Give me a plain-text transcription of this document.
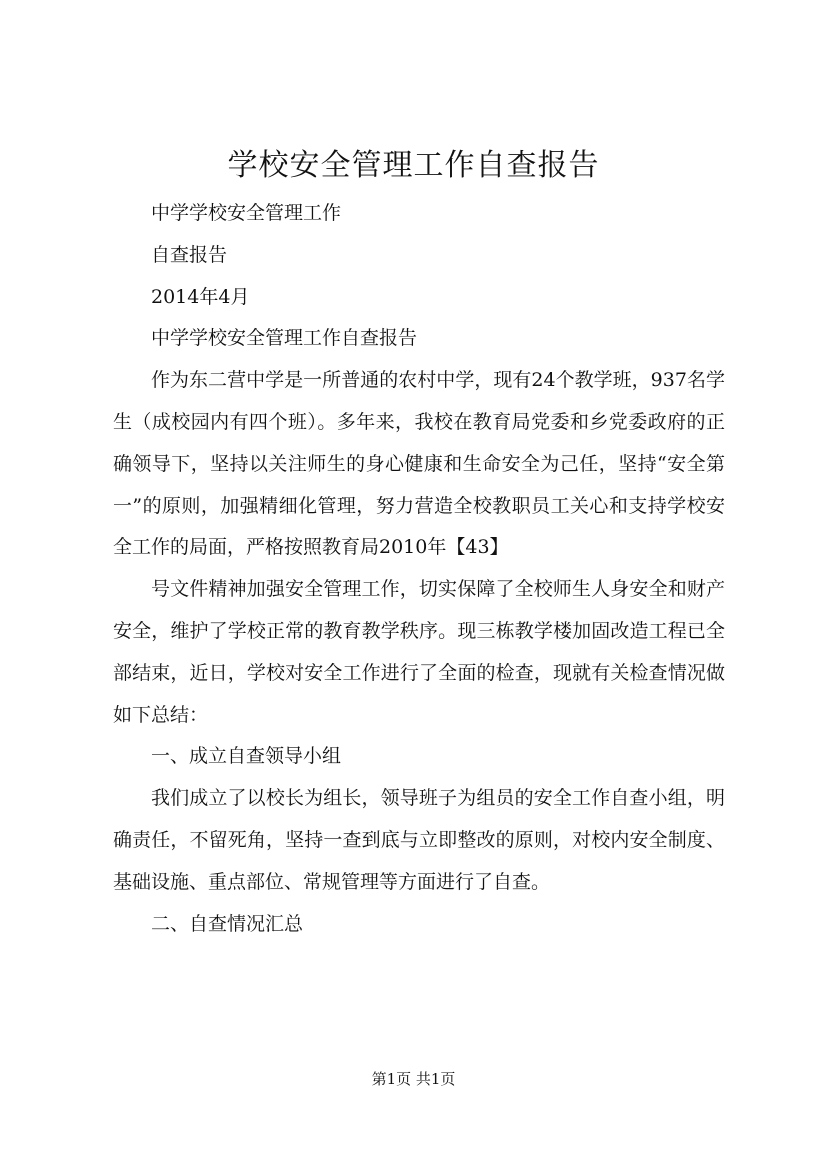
学校安全管理工作自查报告

中学学校安全管理工作

自查报告

2014年4月

中学学校安全管理工作自查报告

作为东二营中学是一所普通的农村中学，现有24个教学班，937名学生（成校园内有四个班）。多年来，我校在教育局党委和乡党委政府的正确领导下，坚持以关注师生的身心健康和生命安全为己任，坚持“安全第一”的原则，加强精细化管理，努力营造全校教职员工关心和支持学校安全工作的局面，严格按照教育局2010年【43】

号文件精神加强安全管理工作，切实保障了全校师生人身安全和财产安全，维护了学校正常的教育教学秩序。现三栋教学楼加固改造工程已全部结束，近日，学校对安全工作进行了全面的检查，现就有关检查情况做如下总结：

一、成立自查领导小组

我们成立了以校长为组长，领导班子为组员的安全工作自查小组，明确责任，不留死角，坚持一查到底与立即整改的原则，对校内安全制度、基础设施、重点部位、常规管理等方面进行了自查。

二、自查情况汇总

第1页 共1页
